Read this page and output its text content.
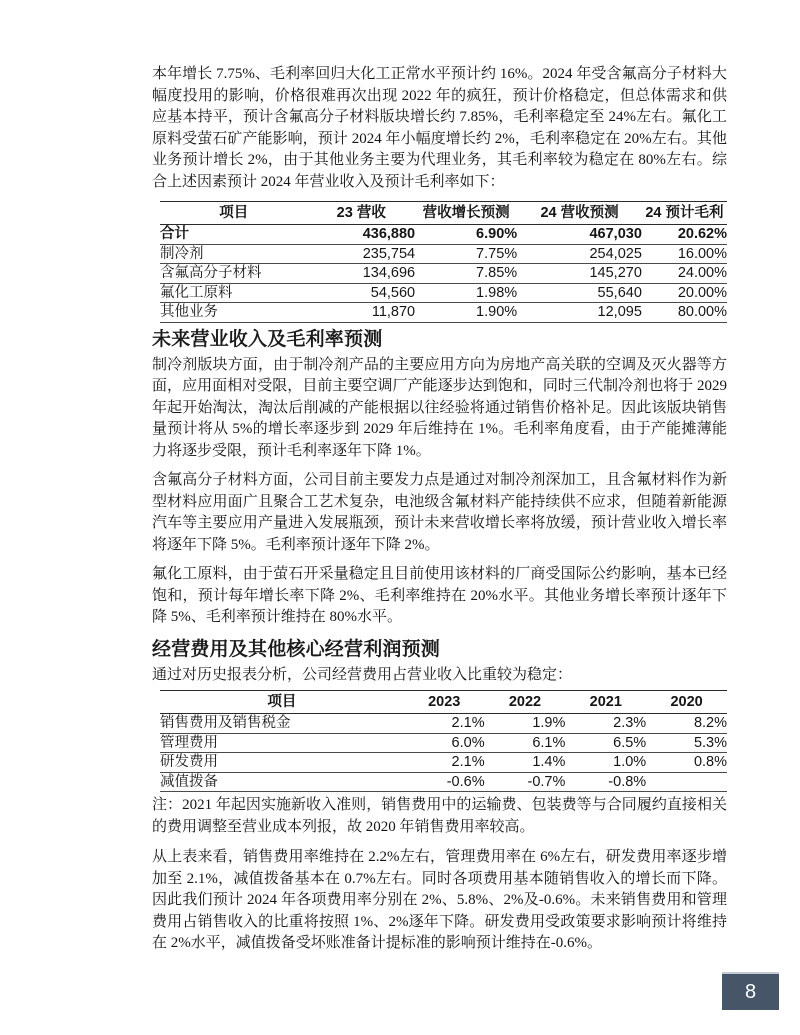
本年增长 7.75%、毛利率回归大化工正常水平预计约 16%。2024 年受含氟高分子材料大幅度投用的影响，价格很难再次出现 2022 年的疯狂，预计价格稳定，但总体需求和供应基本持平，预计含氟高分子材料版块增长约 7.85%，毛利率稳定至 24%左右。氟化工原料受萤石矿产能影响，预计 2024 年小幅度增长约 2%，毛利率稳定在 20%左右。其他业务预计增长 2%，由于其他业务主要为代理业务，其毛利率较为稳定在 80%左右。综合上述因素预计 2024 年营业收入及预计毛利率如下：

项目	23 营收	营收增长预测	24 营收预测	24 预计毛利
合计	436,880	6.90%	467,030	20.62%
制冷剂	235,754	7.75%	254,025	16.00%
含氟高分子材料	134,696	7.85%	145,270	24.00%
氟化工原料	54,560	1.98%	55,640	20.00%
其他业务	11,870	1.90%	12,095	80.00%
未来营业收入及毛利率预测

制冷剂版块方面，由于制冷剂产品的主要应用方向为房地产高关联的空调及灭火器等方面，应用面相对受限，目前主要空调厂产能逐步达到饱和，同时三代制冷剂也将于 2029 年起开始淘汰，淘汰后削减的产能根据以往经验将通过销售价格补足。因此该版块销售量预计将从 5%的增长率逐步到 2029 年后维持在 1%。毛利率角度看，由于产能摊薄能力将逐步受限，预计毛利率逐年下降 1%。

含氟高分子材料方面，公司目前主要发力点是通过对制冷剂深加工，且含氟材料作为新型材料应用面广且聚合工艺术复杂，电池级含氟材料产能持续供不应求，但随着新能源汽车等主要应用产量进入发展瓶颈，预计未来营收增长率将放缓，预计营业收入增长率将逐年下降 5%。毛利率预计逐年下降 2%。

氟化工原料，由于萤石开采量稳定且目前使用该材料的厂商受国际公约影响，基本已经饱和，预计每年增长率下降 2%、毛利率维持在 20%水平。其他业务增长率预计逐年下降 5%、毛利率预计维持在 80%水平。

经营费用及其他核心经营利润预测

通过对历史报表分析，公司经营费用占营业收入比重较为稳定：

项目	2023	2022	2021	2020
销售费用及销售税金	2.1%	1.9%	2.3%	8.2%
管理费用	6.0%	6.1%	6.5%	5.3%
研发费用	2.1%	1.4%	1.0%	0.8%
减值拨备	-0.6%	-0.7%	-0.8%	

注：2021 年起因实施新收入准则，销售费用中的运输费、包装费等与合同履约直接相关的费用调整至营业成本列报，故 2020 年销售费用率较高。

从上表来看，销售费用率维持在 2.2%左右，管理费用率在 6%左右，研发费用率逐步增加至 2.1%，减值拨备基本在 0.7%左右。同时各项费用基本随销售收入的增长而下降。因此我们预计 2024 年各项费用率分别在 2%、5.8%、2%及-0.6%。未来销售费用和管理费用占销售收入的比重将按照 1%、2%逐年下降。研发费用受政策要求影响预计将维持在 2%水平，减值拨备受坏账准备计提标准的影响预计维持在-0.6%。

8
